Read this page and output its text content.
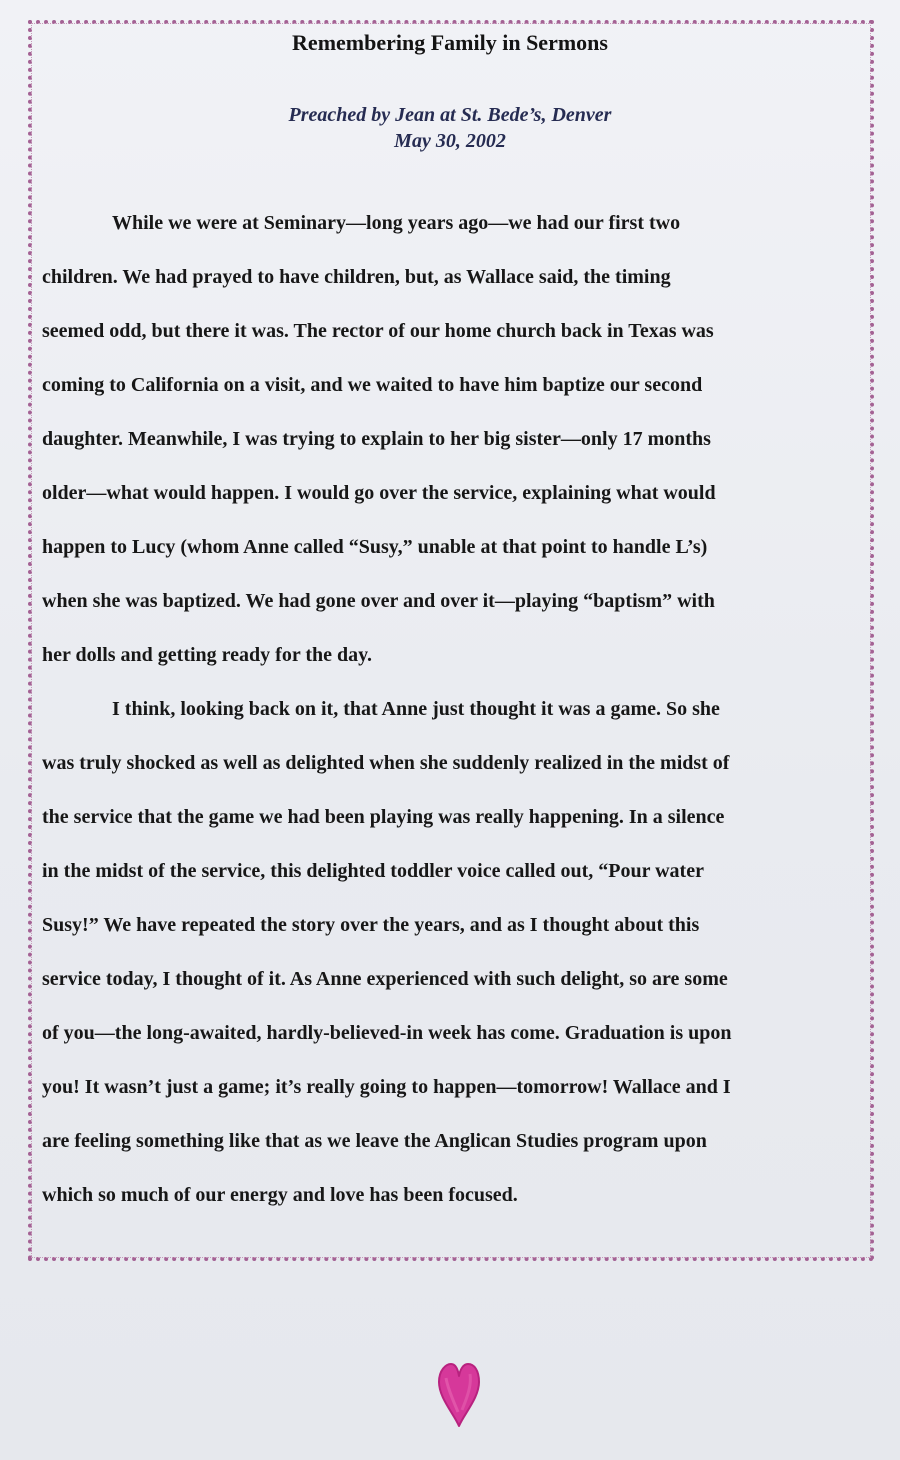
Remembering Family in Sermons
Preached by Jean at St. Bede’s, Denver
May 30, 2002
While we were at Seminary—long years ago—we had our first two
children. We had prayed to have children, but, as Wallace said, the timing
seemed odd, but there it was. The rector of our home church back in Texas was
coming to California on a visit, and we waited to have him baptize our second
daughter. Meanwhile, I was trying to explain to her big sister—only 17 months
older—what would happen. I would go over the service, explaining what would
happen to Lucy (whom Anne called “Susy,” unable at that point to handle L’s)
when she was baptized. We had gone over and over it—playing “baptism” with
her dolls and getting ready for the day.
I think, looking back on it, that Anne just thought it was a game. So she
was truly shocked as well as delighted when she suddenly realized in the midst of
the service that the game we had been playing was really happening. In a silence
in the midst of the service, this delighted toddler voice called out, “Pour water
Susy!” We have repeated the story over the years, and as I thought about this
service today, I thought of it. As Anne experienced with such delight, so are some
of you—the long-awaited, hardly-believed-in week has come. Graduation is upon
you! It wasn’t just a game; it’s really going to happen—tomorrow! Wallace and I
are feeling something like that as we leave the Anglican Studies program upon
which so much of our energy and love has been focused.
